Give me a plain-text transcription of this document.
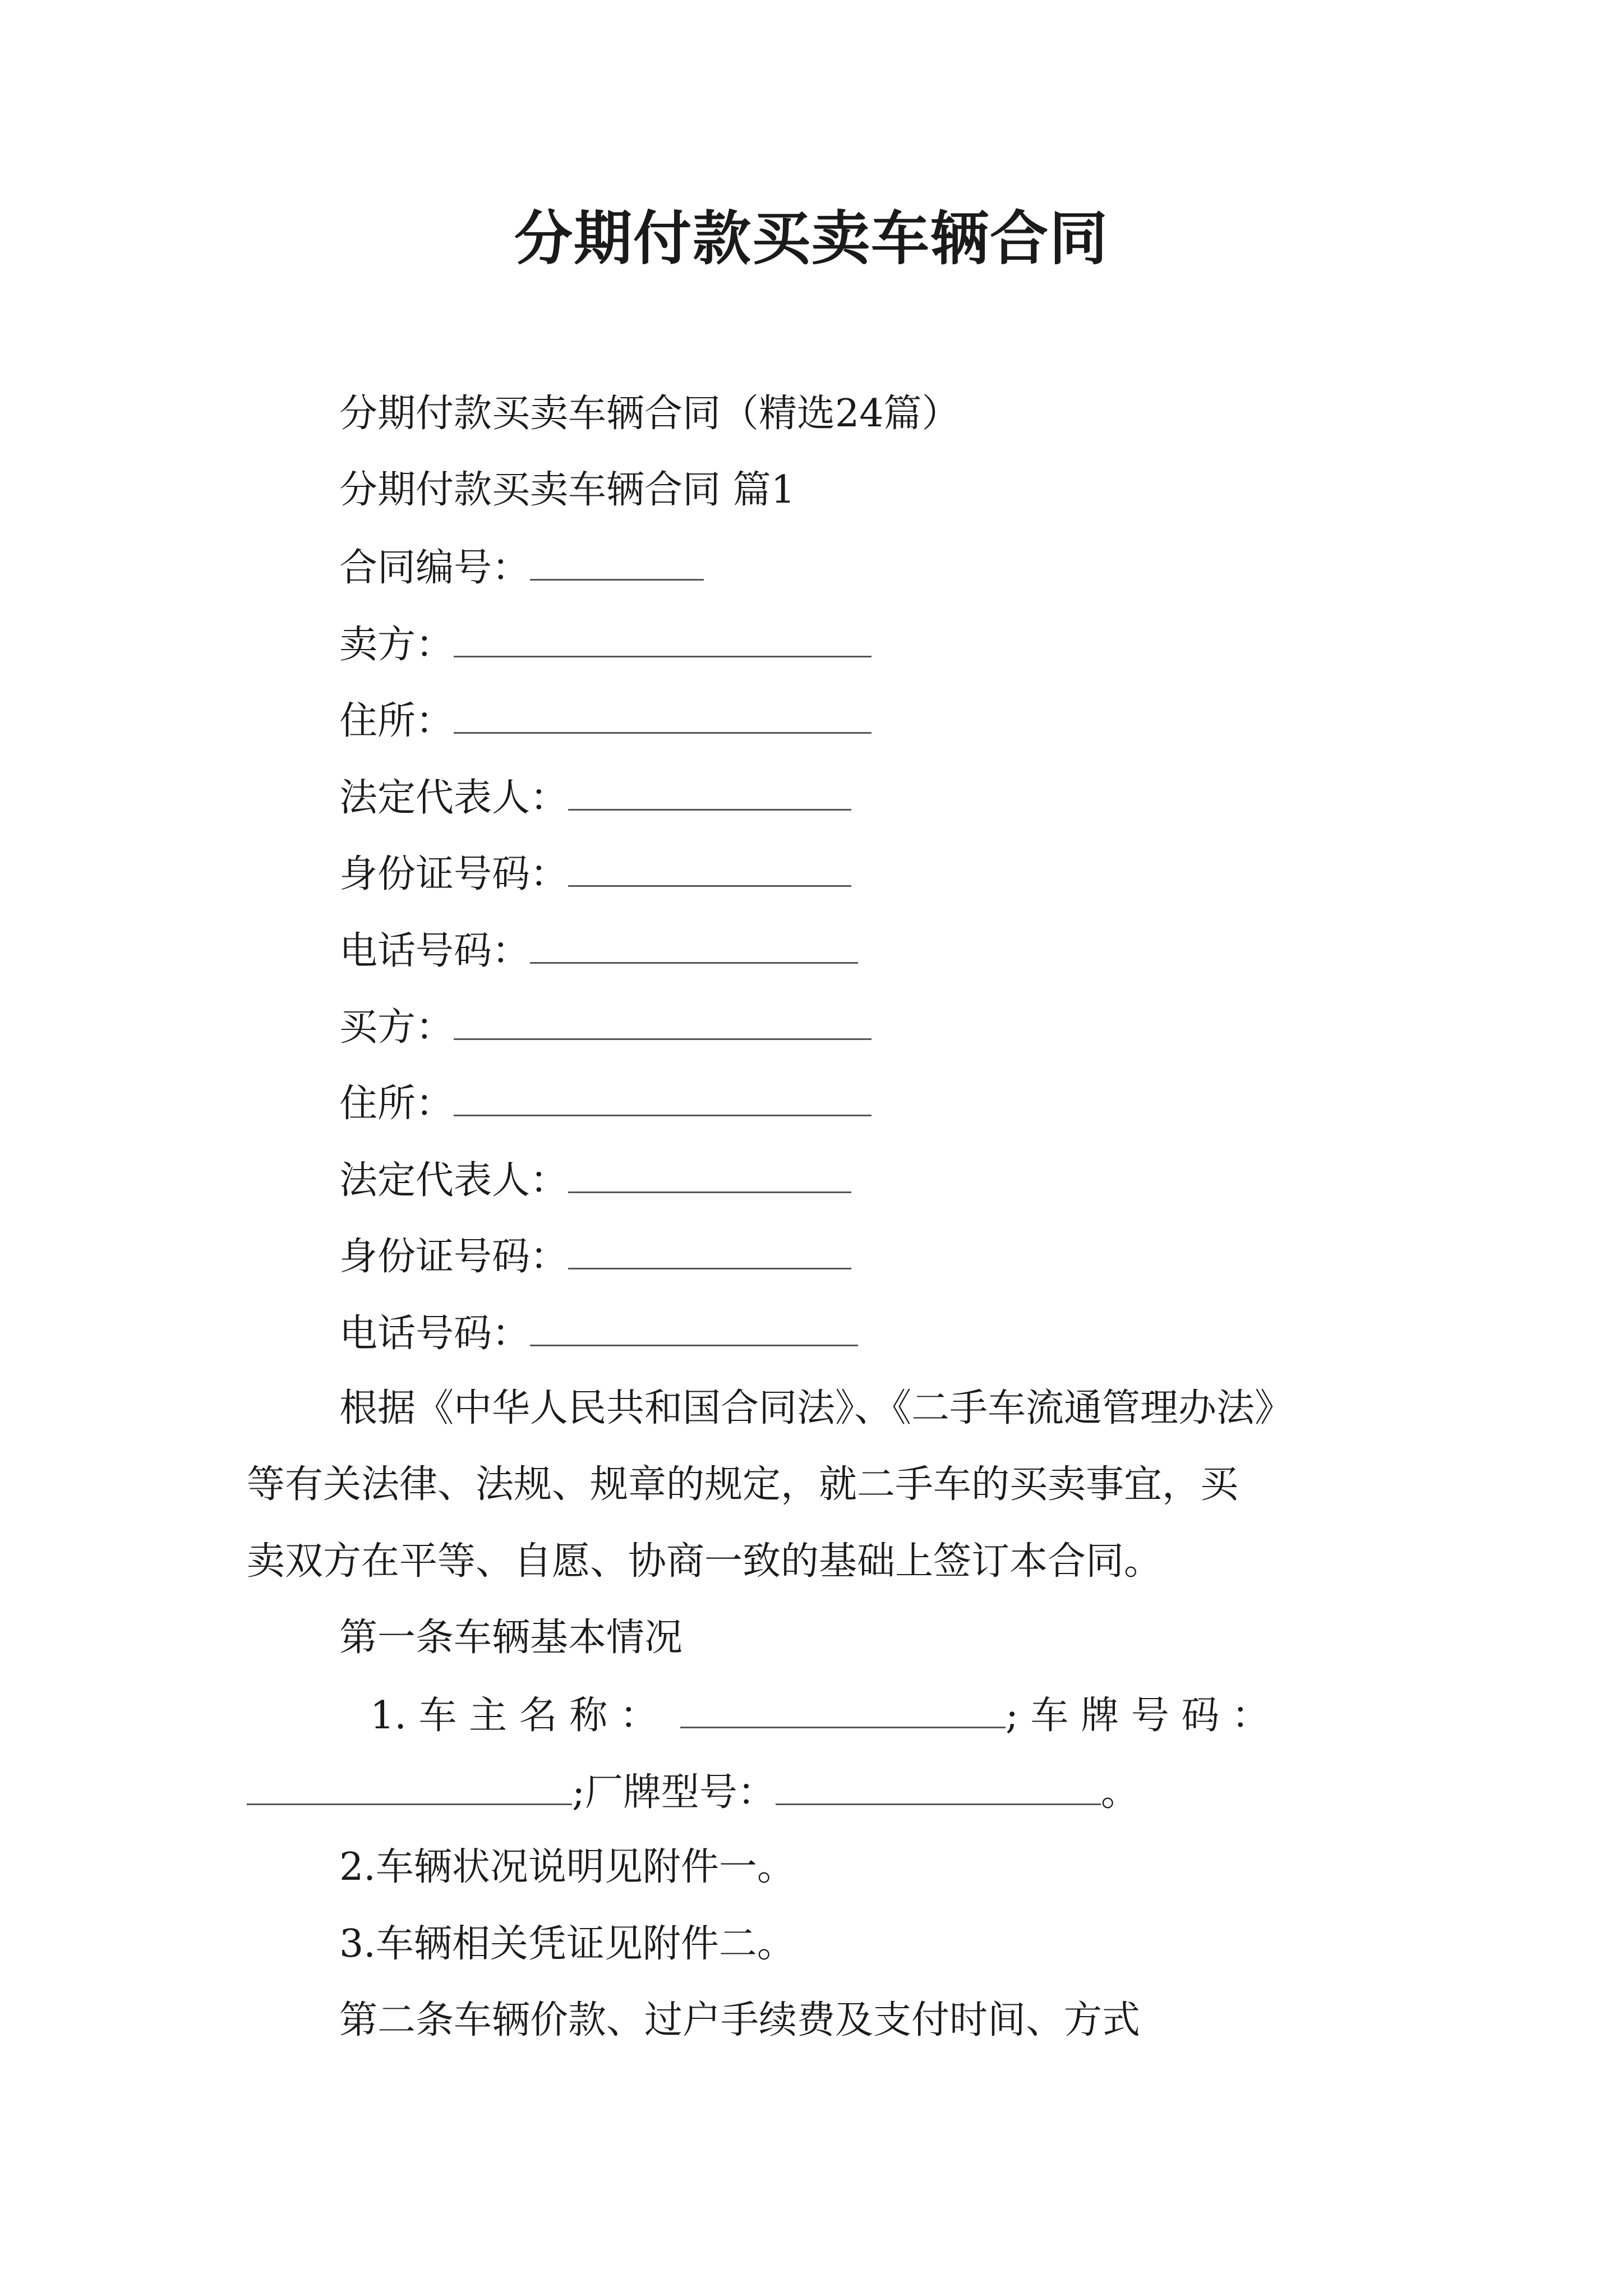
分期付款买卖车辆合同

分期付款买卖车辆合同（精选24篇）

分期付款买卖车辆合同 篇1

合同编号：

卖方：

住所：

法定代表人：

身份证号码：

电话号码：

买方：

住所：

法定代表人：

身份证号码：

电话号码：

根据《中华人民共和国合同法》、《二手车流通管理办法》

等有关法律、法规、规章的规定，就二手车的买卖事宜，买

卖双方在平等、自愿、协商一致的基础上签订本合同。

第一条车辆基本情况

1. 车 主 名 称 ：	; 车 牌 号 码 ：

;厂牌型号：	。

2.车辆状况说明见附件一。

3.车辆相关凭证见附件二。

第二条车辆价款、过户手续费及支付时间、方式
